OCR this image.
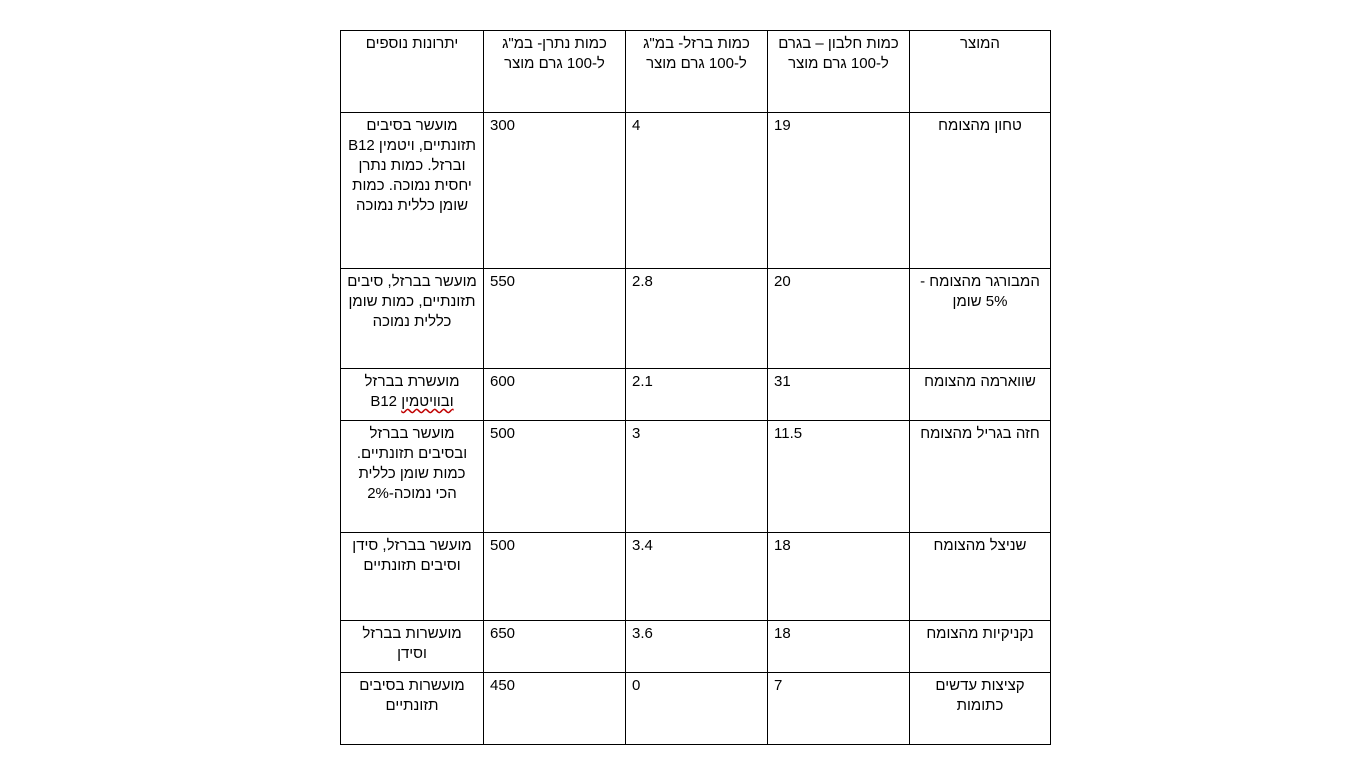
המוצר	כמות חלבון – בגרם ל-100 גרם מוצר	כמות ברזל- במ"ג ל-100 גרם מוצר	כמות נתרן- במ"ג ל-100 גרם מוצר	יתרונות נוספים
טחון מהצומח	19	4	300	מועשר בסיבים תזונתיים, ויטמין B12 וברזל. כמות נתרן יחסית נמוכה. כמות שומן כללית נמוכה
המבורגר מהצומח - 5% שומן	20	2.8	550	מועשר בברזל, סיבים תזונתיים, כמות שומן כללית נמוכה
שווארמה מהצומח	31	2.1	600	מועשרת בברזל ובוויטמין B12
חזה בגריל מהצומח	11.5	3	500	מועשר בברזל ובסיבים תזונתיים. כמות שומן כללית הכי נמוכה-2%
שניצל מהצומח	18	3.4	500	מועשר בברזל, סידן וסיבים תזונתיים
נקניקיות מהצומח	18	3.6	650	מועשרות בברזל וסידן
קציצות עדשים כתומות	7	0	450	מועשרות בסיבים תזונתיים
